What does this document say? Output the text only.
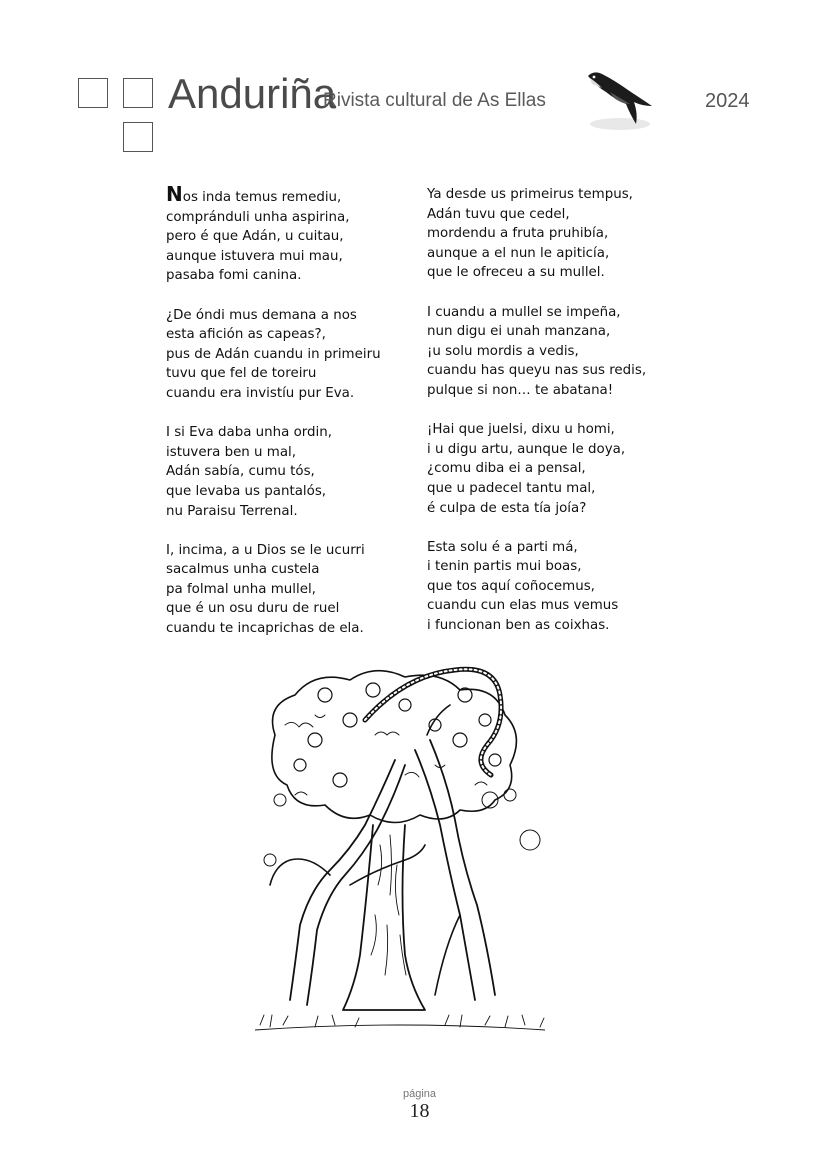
Anduriña
Rivista cultural de As Ellas	2024
Nos inda temus remediu,
compránduli unha aspirina,
pero é que Adán, u cuitau,
aunque istuvera mui mau,
pasaba fomi canina.
¿De óndi mus demana a nos
esta afición as capeas?,
pus de Adán cuandu in primeiru
tuvu que fel de toreiru
cuandu era invistíu pur Eva.
I si Eva daba unha ordin,
istuvera ben u mal,
Adán sabía, cumu tós,
que levaba us pantalós,
nu Paraisu Terrenal.
I, incima, a u Dios se le ucurri
sacalmus unha custela
pa folmal unha mullel,
que é un osu duru de ruel
cuandu te incaprichas de ela.
Ya desde us primeirus tempus,
Adán tuvu que cedel,
mordendu a fruta pruhibía,
aunque a el nun le apiticía,
que le ofreceu a su mullel.
I cuandu a mullel se impeña,
nun digu ei unah manzana,
¡u solu mordis a vedis,
cuandu has queyu nas sus redis,
pulque si non… te abatana!
¡Hai que juelsi, dixu u homi,
i u digu artu, aunque le doya,
¿comu diba ei a pensal,
que u padecel tantu mal,
é culpa de esta tía joía?
Esta solu é a parti má,
i tenin partis mui boas,
que tos aquí coñocemus,
cuandu cun elas mus vemus
i funcionan ben as coixhas.
página
18
